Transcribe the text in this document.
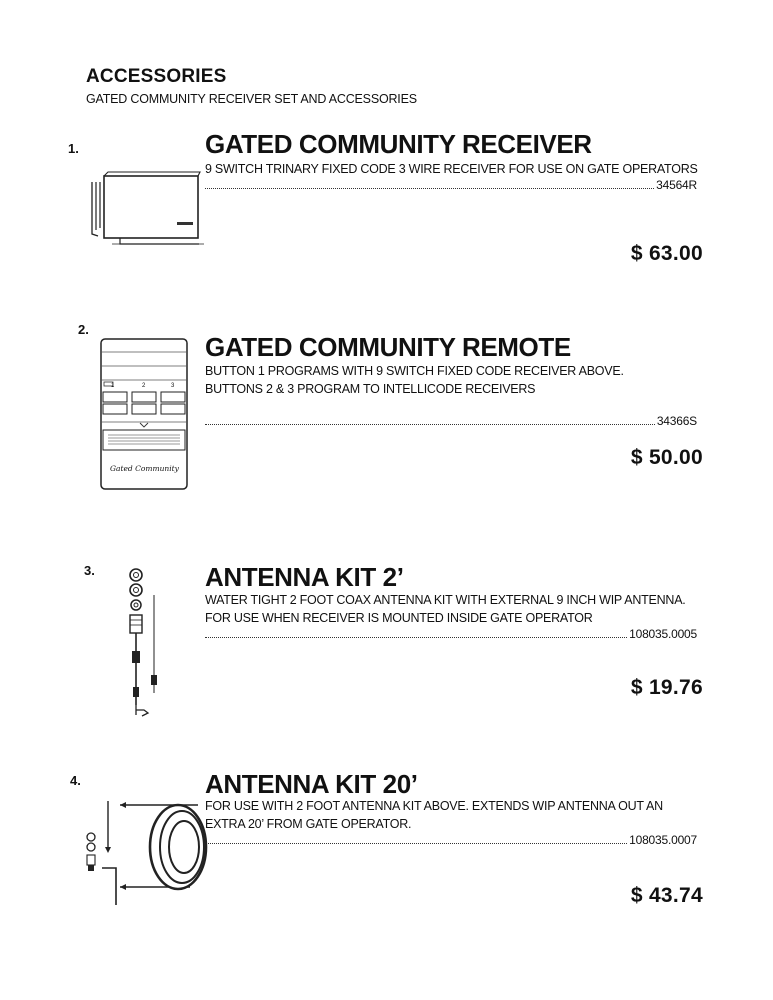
ACCESSORIES
GATED COMMUNITY RECEIVER SET AND ACCESSORIES
1.	GATED COMMUNITY RECEIVER
9 SWITCH TRINARY FIXED CODE 3 WIRE RECEIVER FOR USE ON GATE OPERATORS
34564R
$ 63.00
2.
GATED COMMUNITY REMOTE
BUTTON 1 PROGRAMS WITH 9 SWITCH FIXED CODE RECEIVER ABOVE.
BUTTONS 2 & 3 PROGRAM TO INTELLICODE RECEIVERS
34366S
$ 50.00
1	2	3
Gated Community
3.	ANTENNA KIT 2’
WATER TIGHT 2 FOOT COAX ANTENNA KIT WITH EXTERNAL 9 INCH WIP ANTENNA.
FOR USE WHEN RECEIVER IS MOUNTED INSIDE GATE OPERATOR
108035.0005
$ 19.76
4.	ANTENNA KIT 20’
FOR USE WITH 2 FOOT ANTENNA KIT ABOVE. EXTENDS WIP ANTENNA OUT AN
EXTRA 20’ FROM GATE OPERATOR.
108035.0007
$ 43.74
